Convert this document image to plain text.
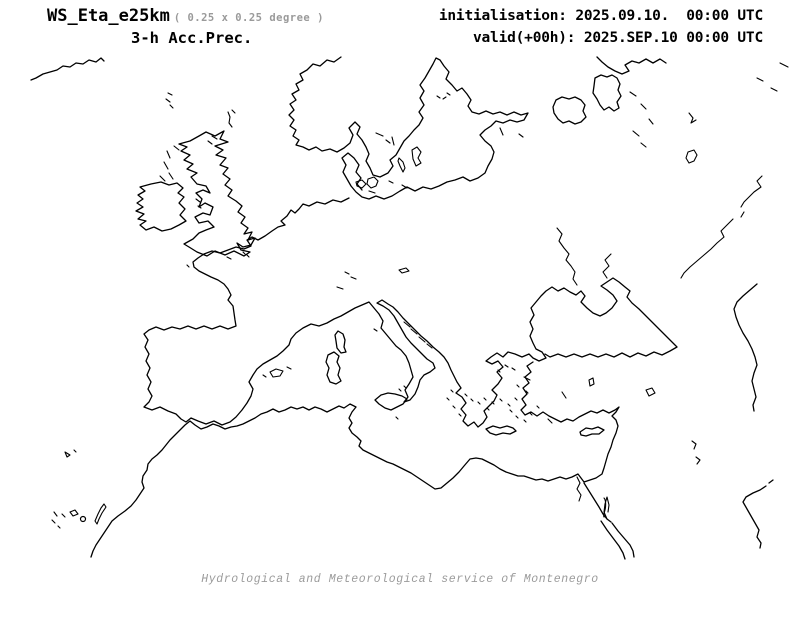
WS_Eta_e25km ( 0.25 x 0.25 degree )
3-h Acc.Prec.
initialisation: 2025.09.10.  00:00 UTC
valid(+00h): 2025.SEP.10 00:00 UTC
Hydrological and Meteorological service of Montenegro
